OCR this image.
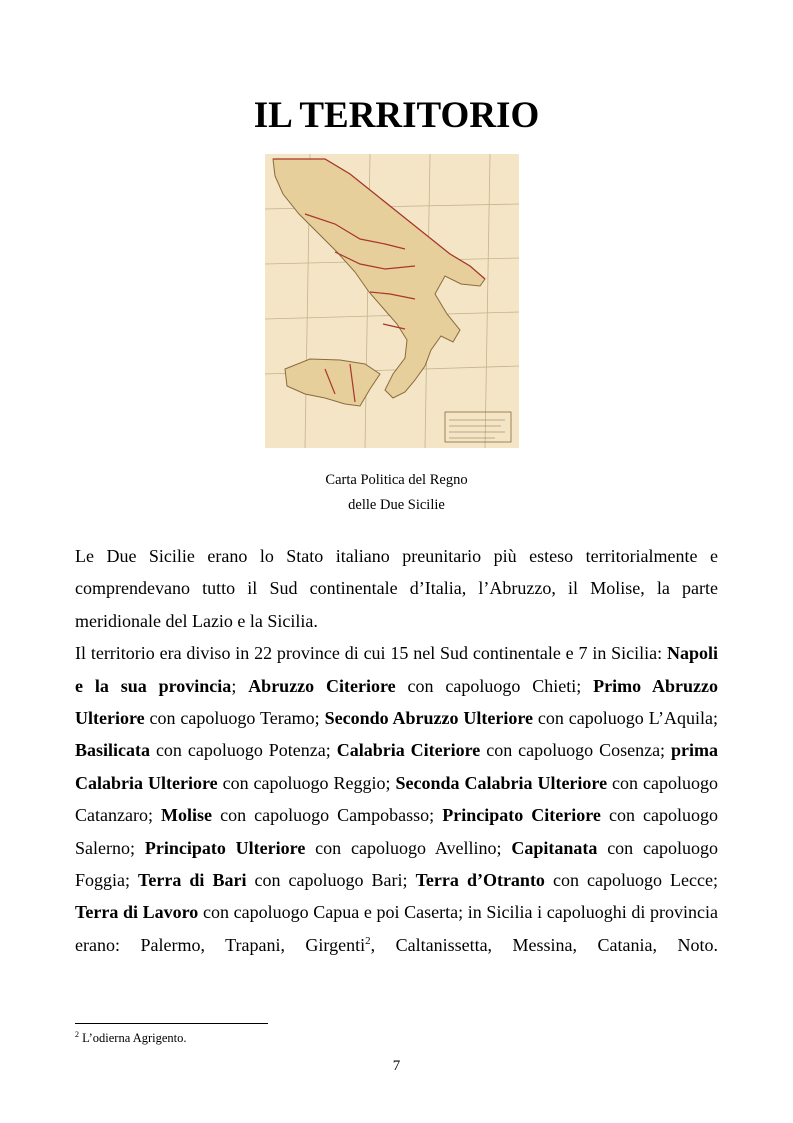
IL TERRITORIO
Carta Politica del Regno
delle Due Sicilie

Le Due Sicilie erano lo Stato italiano preunitario più esteso territorialmente e comprendevano tutto il Sud continentale d’Italia, l’Abruzzo, il Molise, la parte meridionale del Lazio e la Sicilia.

Il territorio era diviso in 22 province di cui 15 nel Sud continentale e 7 in Sicilia: Napoli e la sua provincia; Abruzzo Citeriore con capoluogo Chieti; Primo Abruzzo Ulteriore con capoluogo Teramo; Secondo Abruzzo Ulteriore con capoluogo L’Aquila; Basilicata con capoluogo Potenza; Calabria Citeriore con capoluogo Cosenza; prima Calabria Ulteriore con capoluogo Reggio; Seconda Calabria Ulteriore con capoluogo Catanzaro; Molise con capoluogo Campobasso; Principato Citeriore con capoluogo Salerno; Principato Ulteriore con capoluogo Avellino; Capitanata con capoluogo Foggia; Terra di Bari con capoluogo Bari; Terra d’Otranto con capoluogo Lecce; Terra di Lavoro con capoluogo Capua e poi Caserta; in Sicilia i capoluoghi di provincia erano: Palermo, Trapani, Girgenti$^2$, Caltanissetta, Messina, Catania, Noto.

$^2$ L’odierna Agrigento.
7
